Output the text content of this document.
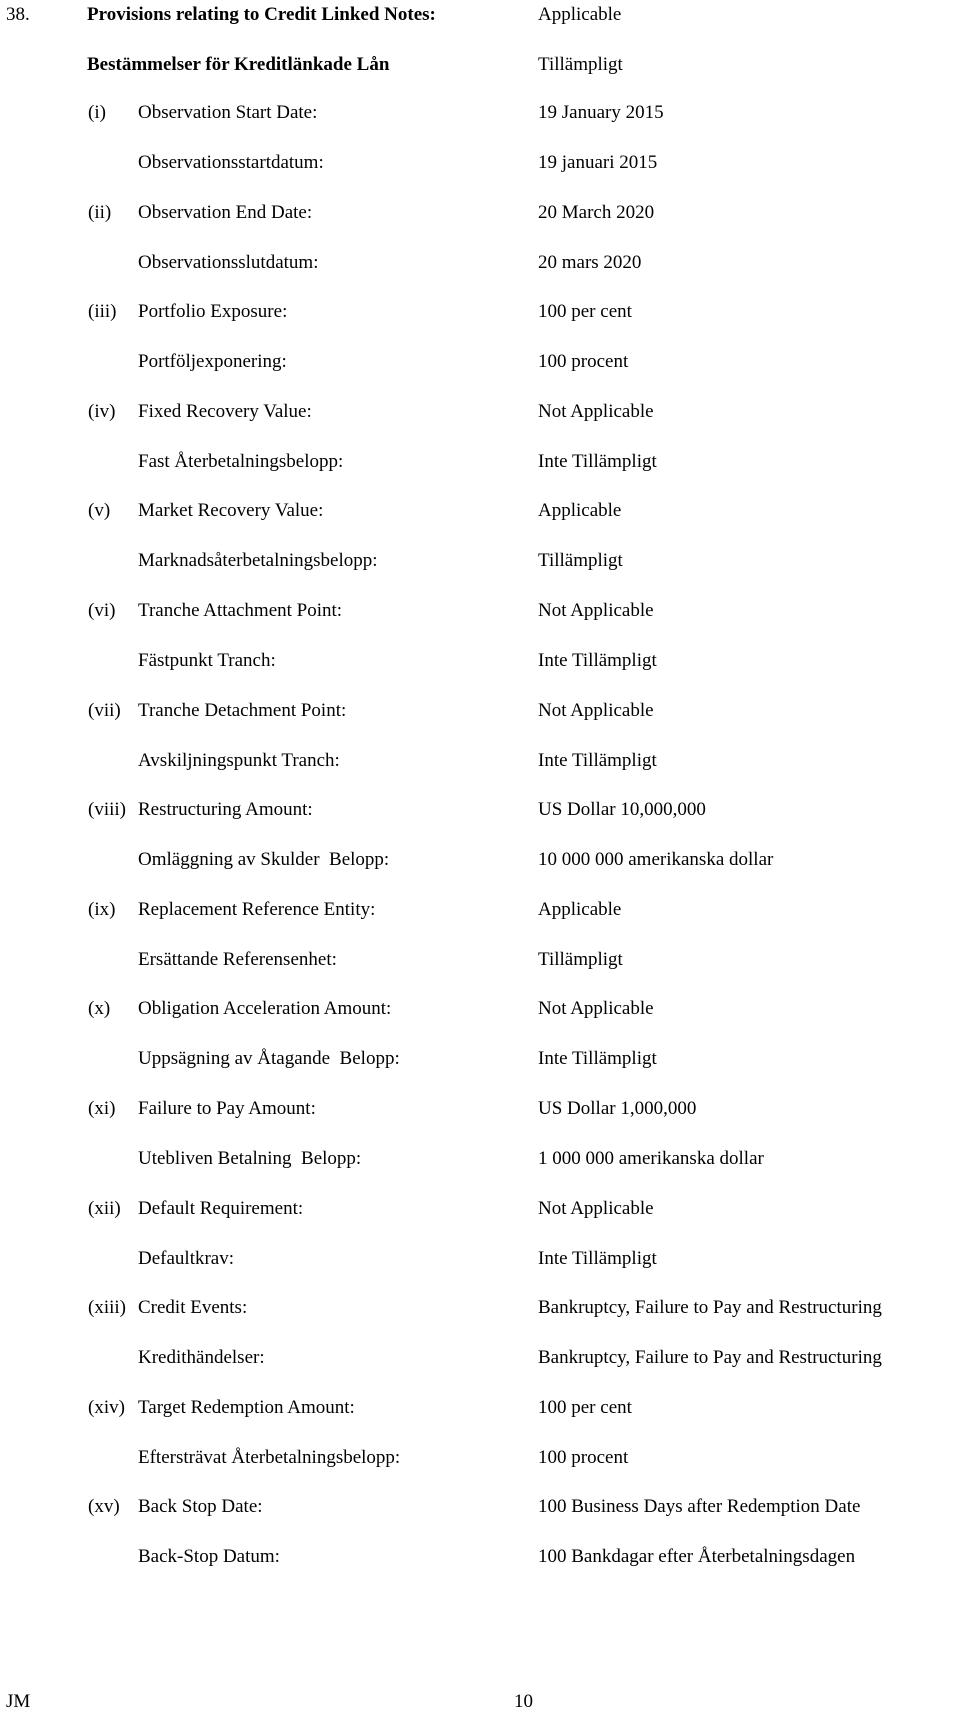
38.	Provisions relating to Credit Linked Notes:	Applicable
Bestämmelser för Kreditlänkade Lån	Tillämpligt
(i) Observation Start Date:	19 January 2015
Observationsstartdatum:	19 januari 2015
(ii) Observation End Date:	20 March 2020
Observationsslutdatum:	20 mars 2020
(iii) Portfolio Exposure:	100 per cent
Portföljexponering:	100 procent
(iv) Fixed Recovery Value:	Not Applicable
Fast Återbetalningsbelopp:	Inte Tillämpligt
(v) Market Recovery Value:	Applicable
Marknadsåterbetalningsbelopp:	Tillämpligt
(vi) Tranche Attachment Point:	Not Applicable
Fästpunkt Tranch:	Inte Tillämpligt
(vii) Tranche Detachment Point:	Not Applicable
Avskiljningspunkt Tranch:	Inte Tillämpligt
(viii) Restructuring Amount:	US Dollar 10,000,000
Omläggning av Skulder  Belopp:	10 000 000 amerikanska dollar
(ix) Replacement Reference Entity:	Applicable
Ersättande Referensenhet:	Tillämpligt
(x) Obligation Acceleration Amount:	Not Applicable
Uppsägning av Åtagande  Belopp:	Inte Tillämpligt
(xi) Failure to Pay Amount:	US Dollar 1,000,000
Utebliven Betalning  Belopp:	1 000 000 amerikanska dollar
(xii) Default Requirement:	Not Applicable
Defaultkrav:	Inte Tillämpligt
(xiii) Credit Events:	Bankruptcy, Failure to Pay and Restructuring
Kredithändelser:	Bankruptcy, Failure to Pay and Restructuring
(xiv) Target Redemption Amount:	100 per cent
Eftersträvat Återbetalningsbelopp:	100 procent
(xv) Back Stop Date:	100 Business Days after Redemption Date
Back-Stop Datum:	100 Bankdagar efter Återbetalningsdagen
JM	10
